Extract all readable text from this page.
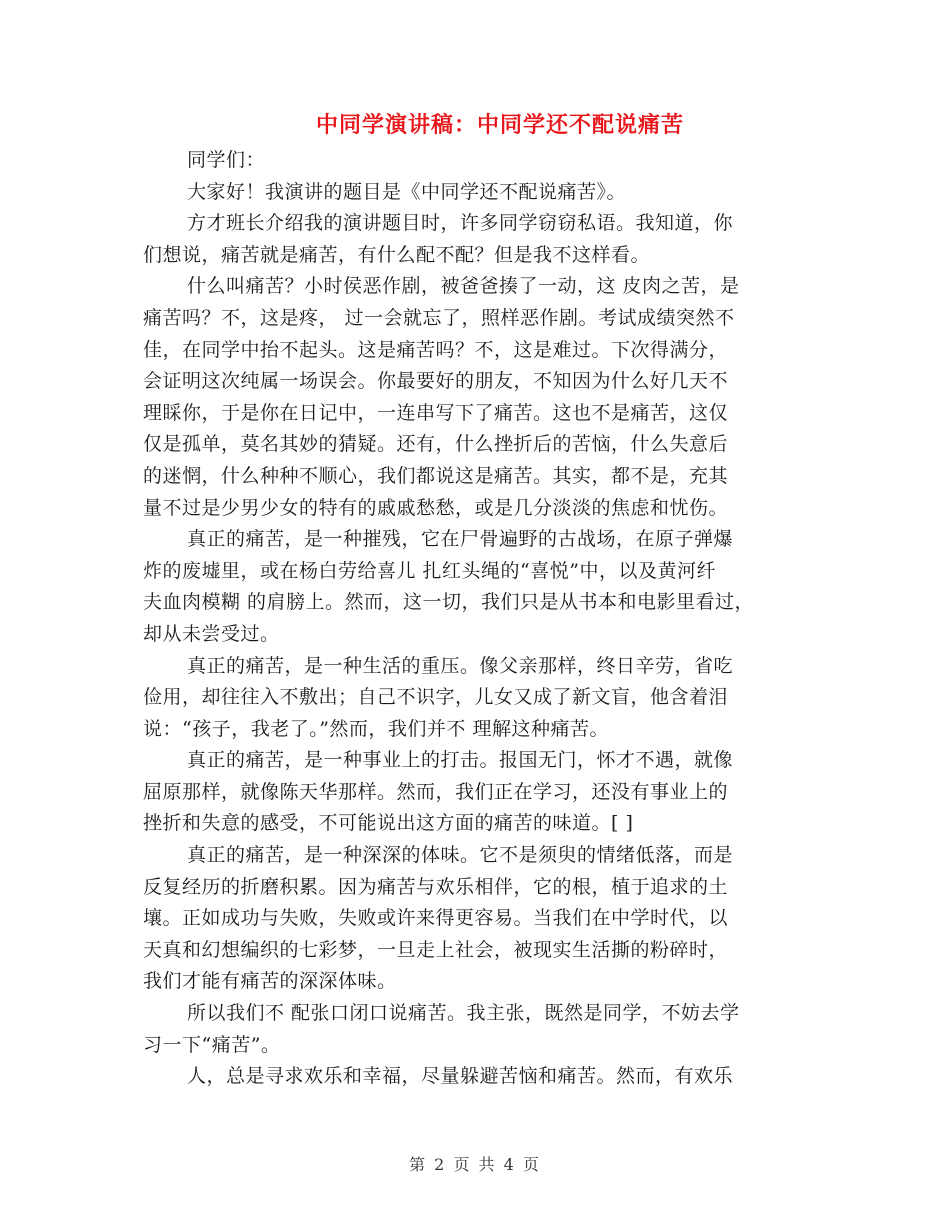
中同学演讲稿：中同学还不配说痛苦
同学们：
大家好！我演讲的题目是《中同学还不配说痛苦》。
方才班长介绍我的演讲题目时，许多同学窃窃私语。我知道，你
们想说，痛苦就是痛苦，有什么配不配？但是我不这样看。
什么叫痛苦？小时侯恶作剧，被爸爸揍了一动，这 皮肉之苦，是
痛苦吗？不，这是疼， 过一会就忘了，照样恶作剧。考试成绩突然不
佳，在同学中抬不起头。这是痛苦吗？不，这是难过。下次得满分，
会证明这次纯属一场误会。你最要好的朋友，不知因为什么好几天不
理睬你，于是你在日记中，一连串写下了痛苦。这也不是痛苦，这仅
仅是孤单，莫名其妙的猜疑。还有，什么挫折后的苦恼，什么失意后
的迷惘，什么种种不顺心，我们都说这是痛苦。其实，都不是，充其
量不过是少男少女的特有的戚戚愁愁，或是几分淡淡的焦虑和忧伤。
真正的痛苦，是一种摧残，它在尸骨遍野的古战场，在原子弹爆
炸的废墟里，或在杨白劳给喜儿 扎红头绳的“喜悦”中，以及黄河纤
夫血肉模糊 的肩膀上。然而，这一切，我们只是从书本和电影里看过，
却从未尝受过。
真正的痛苦，是一种生活的重压。像父亲那样，终日辛劳，省吃
俭用，却往往入不敷出；自己不识字，儿女又成了新文盲，他含着泪
说：“孩子，我老了。”然而，我们并不 理解这种痛苦。
真正的痛苦，是一种事业上的打击。报国无门，怀才不遇，就像
屈原那样，就像陈天华那样。然而，我们正在学习，还没有事业上的
挫折和失意的感受，不可能说出这方面的痛苦的味道。[ ]
真正的痛苦，是一种深深的体味。它不是须臾的情绪低落，而是
反复经历的折磨积累。因为痛苦与欢乐相伴，它的根，植于追求的土
壤。正如成功与失败，失败或许来得更容易。当我们在中学时代，以
天真和幻想编织的七彩梦，一旦走上社会，被现实生活撕的粉碎时，
我们才能有痛苦的深深体味。
所以我们不 配张口闭口说痛苦。我主张，既然是同学，不妨去学
习一下“痛苦”。
人，总是寻求欢乐和幸福，尽量躲避苦恼和痛苦。然而，有欢乐
第 2 页 共 4 页
